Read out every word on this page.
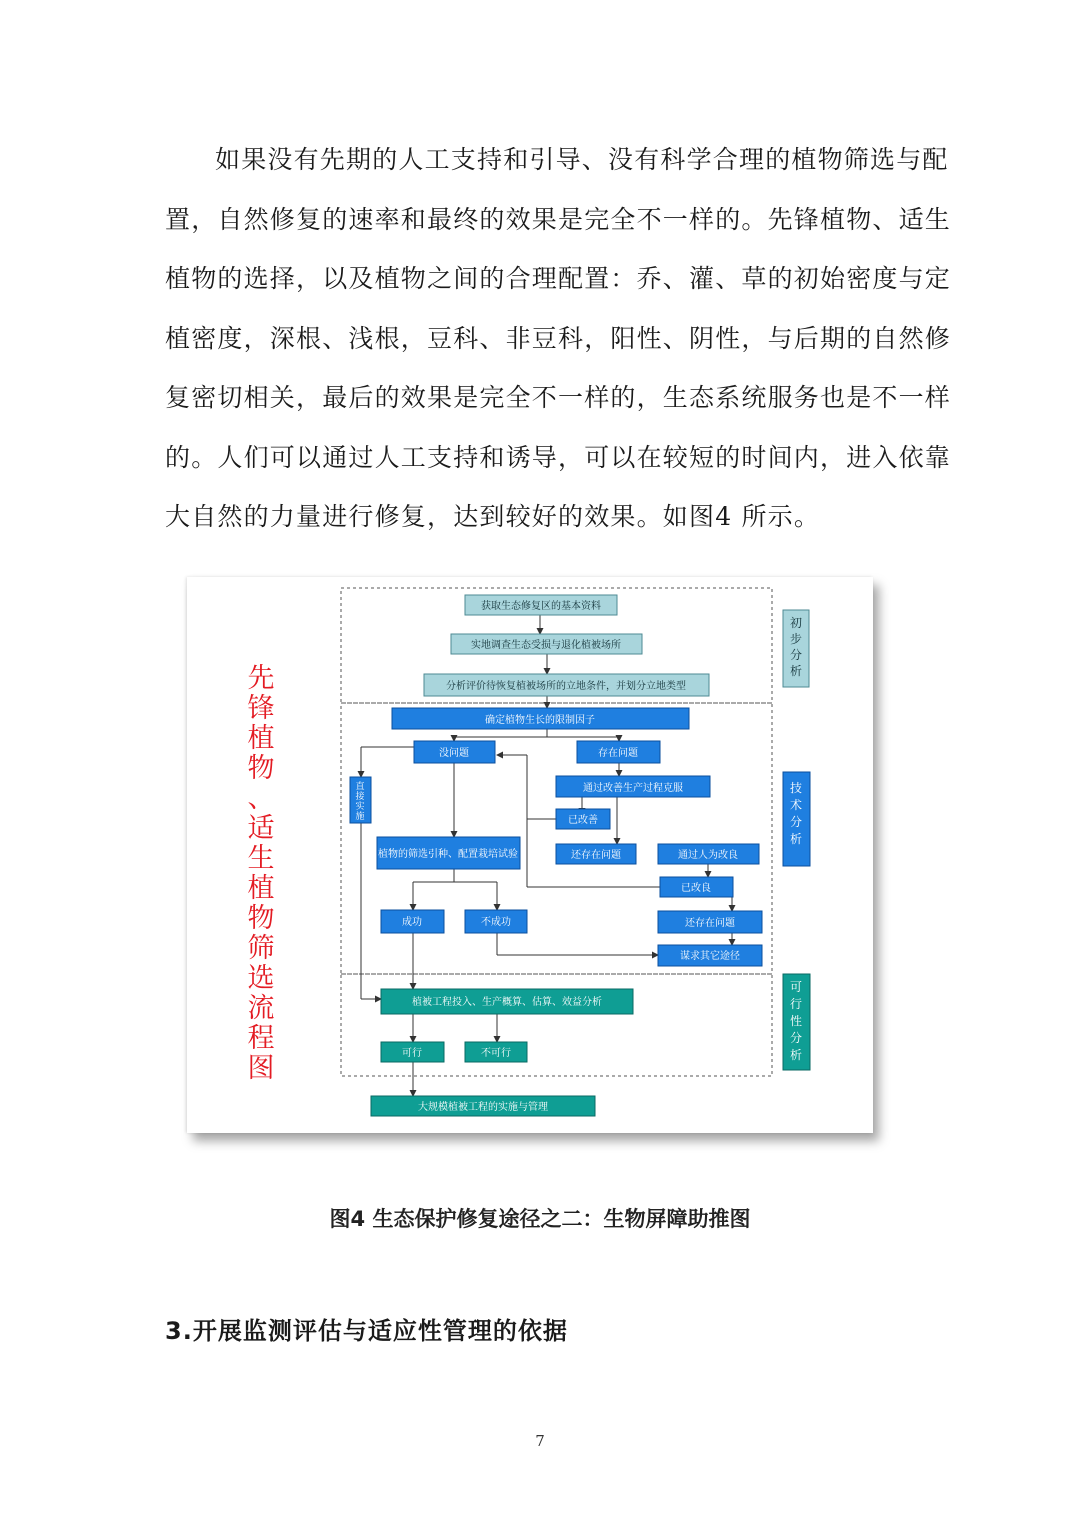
如果没有先期的人工支持和引导、没有科学合理的植物筛选与配
置，自然修复的速率和最终的效果是完全不一样的。先锋植物、适生
植物的选择，以及植物之间的合理配置：乔、灌、草的初始密度与定
植密度，深根、浅根，豆科、非豆科，阳性、阴性，与后期的自然修
复密切相关，最后的效果是完全不一样的，生态系统服务也是不一样
的。人们可以通过人工支持和诱导，可以在较短的时间内，进入依靠
大自然的力量进行修复，达到较好的效果。如图4 所示。
先
锋
植
物
、
适
生
植
物
筛
选
流
程
图
获取生态修复区的基本资料
实地调查生态受损与退化植被场所
分析评价待恢复植被场所的立地条件，并划分立地类型
确定植物生长的限制因子
没问题	存在问题
直
接
实
施
通过改善生产过程克服
已改善
植物的筛选引种、配置栽培试验	还存在问题	通过人为改良
已改良
成功	不成功	还存在问题
谋求其它途径
植被工程投入、生产概算、估算、效益分析
可行	不可行
大规模植被工程的实施与管理
初
步
分
析
技
术
分
析
可
行
性
分
析
图4 生态保护修复途径之二：生物屏障助推图
3.开展监测评估与适应性管理的依据
7
